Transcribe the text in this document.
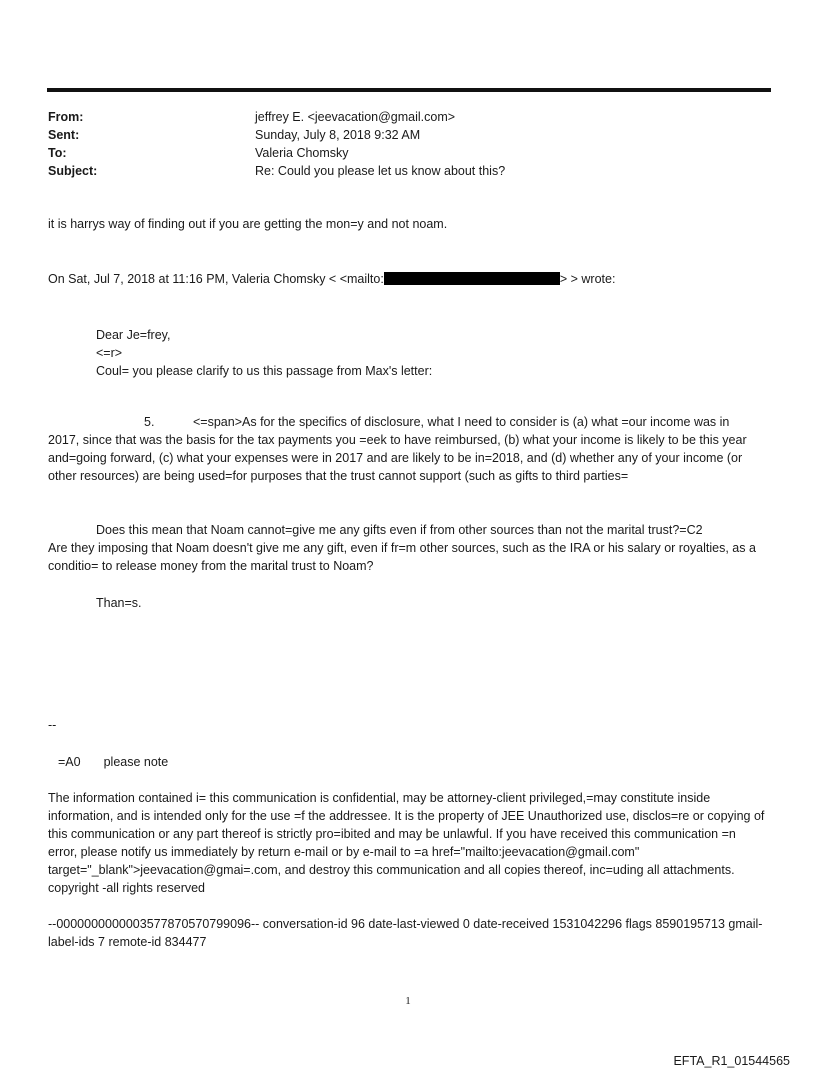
From:	jeffrey E. <jeevacation@gmail.com>
Sent:	Sunday, July 8, 2018 9:32 AM
To:	Valeria Chomsky
Subject:	Re: Could you please let us know about this?

it is harrys way of finding out if you are getting the mon=y and not noam.

On Sat, Jul 7, 2018 at 11:16 PM, Valeria Chomsky < <mailto:	> > wrote:

Dear Je=frey,

<=r>

Coul= you please clarify to us this passage from Max's letter:

5.	<=span>As for the specifics of disclosure, what I need to consider is (a) what =our income was in
2017, since that was the basis for the tax payments you =eek to have reimbursed, (b) what your income is likely to be this year and=going forward, (c) what your expenses were in 2017 and are likely to be in=2018, and (d) whether any of your income (or other resources) are being used=for purposes that the trust cannot support (such as gifts to third parties=

Does this mean that Noam cannot=give me any gifts even if from other sources than not the marital trust?=C2
Are they imposing that Noam doesn't give me any gift, even if fr=m other sources, such as the IRA or his salary or royalties, as a conditio= to release money from the marital trust to Noam?

Than=s.

--

=A0 please note

The information contained i= this communication is confidential, may be attorney-client privileged,=may constitute inside information, and is intended only for the use =f the addressee. It is the property of JEE Unauthorized use, disclos=re or copying of this communication or any part thereof is strictly pro=ibited and may be unlawful. If you have received this communication =n error, please notify us immediately by return e-mail or by e-mail to =a href="mailto:jeevacation@gmail.com" target="_blank">jeevacation@gmai=.com, and destroy this communication and all copies thereof, inc=uding all attachments. copyright -all rights reserved

--0000000000003577870570799096-- conversation-id 96 date-last-viewed 0 date-received 1531042296 flags 8590195713 gmail-label-ids 7 remote-id 834477

1
EFTA_R1_01544565
